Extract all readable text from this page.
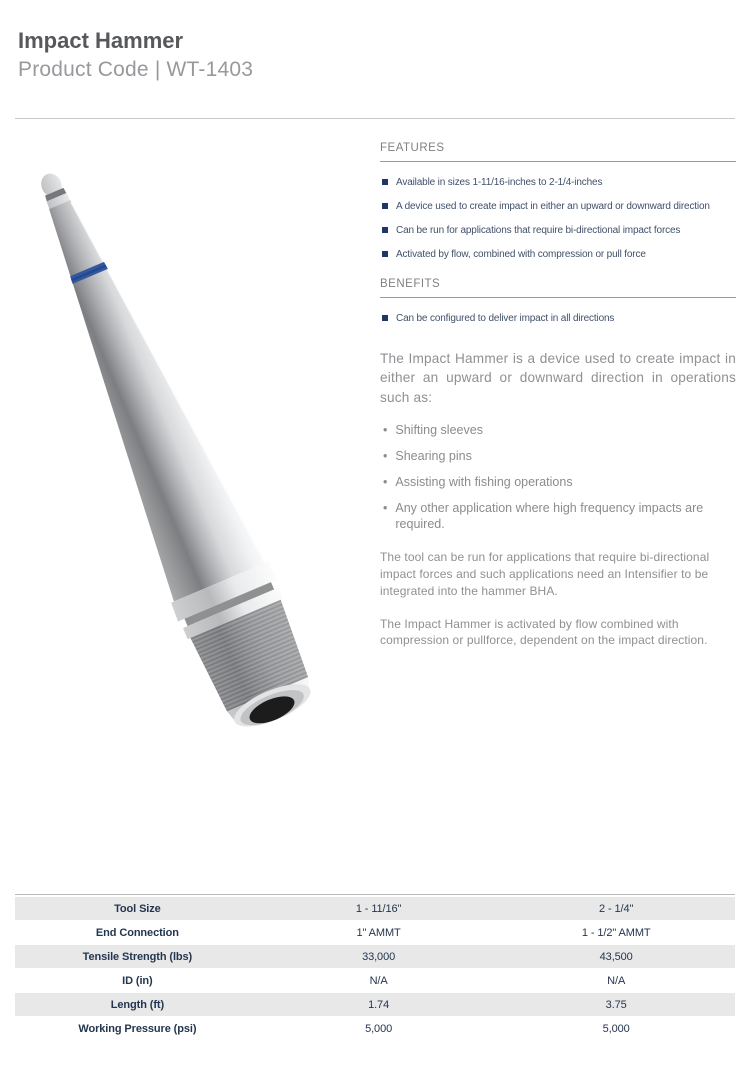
Impact Hammer
Product Code | WT-1403
FEATURES
Available in sizes 1-11/16-inches to 2-1/4-inches
A device used to create impact in either an upward or downward direction
Can be run for applications that require bi-directional impact forces
Activated by flow, combined with compression or pull force
BENEFITS
Can be configured to deliver impact in all directions
The Impact Hammer is a device used to create impact in either an upward or downward direction in operations such as:
• Shifting sleeves
• Shearing pins
• Assisting with fishing operations
• Any other application where high frequency impacts are required.
The tool can be run for applications that require bi-directional impact forces and such applications need an Intensifier to be integrated into the hammer BHA.
The Impact Hammer is activated by flow combined with compression or pullforce, dependent on the impact direction.
Tool Size	1 - 11/16"	2 - 1/4"
End Connection	1" AMMT	1 - 1/2" AMMT
Tensile Strength (lbs)	33,000	43,500
ID (in)	N/A	N/A
Length (ft)	1.74	3.75
Working Pressure (psi)	5,000	5,000
